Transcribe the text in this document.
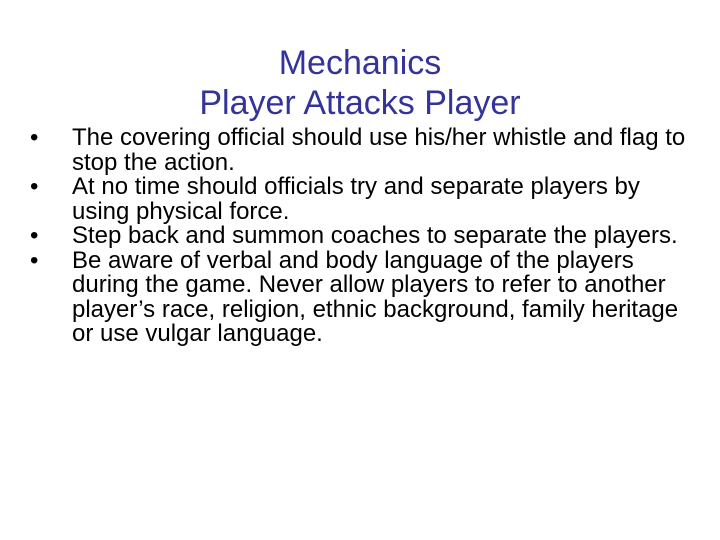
Mechanics
Player Attacks Player
•	The covering official should use his/her whistle and flag to stop the action.
•	At no time should officials try and separate players by using physical force.
•	Step back and summon coaches to separate the players.
•	Be aware of verbal and body language of the players during the game. Never allow players to refer to another player’s race, religion, ethnic background, family heritage or use vulgar language.
